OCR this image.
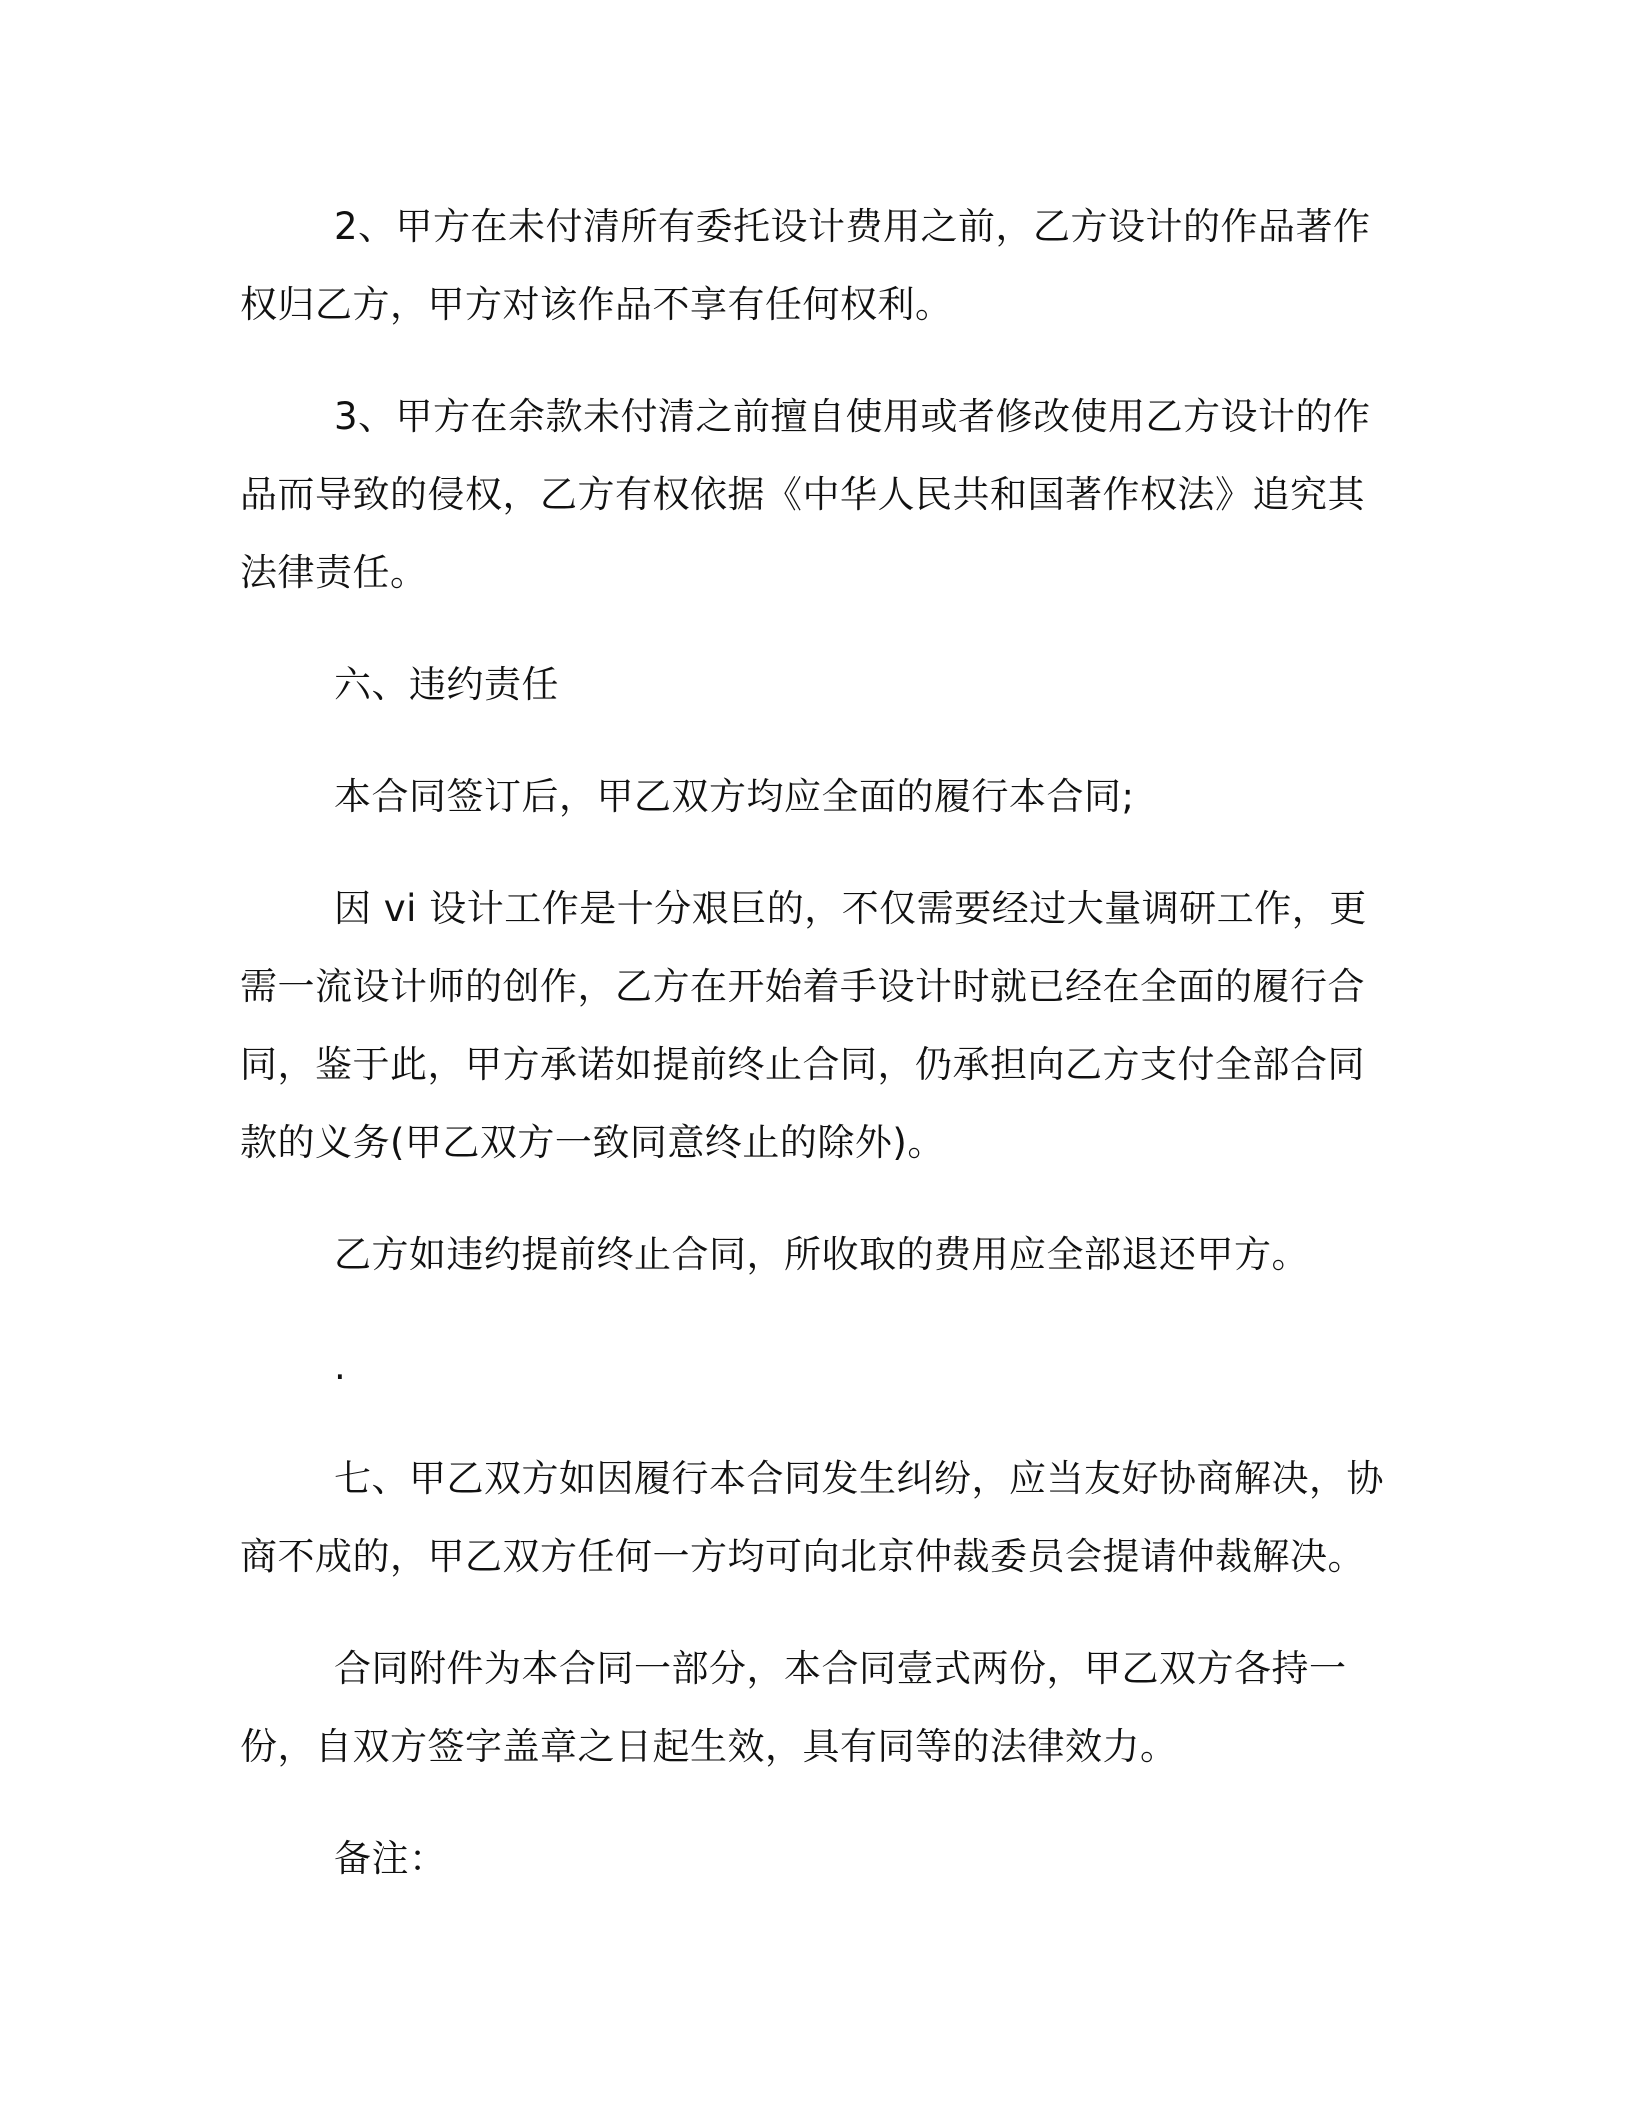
2、甲方在未付清所有委托设计费用之前，乙方设计的作品著作权归乙方，甲方对该作品不享有任何权利。

3、甲方在余款未付清之前擅自使用或者修改使用乙方设计的作品而导致的侵权，乙方有权依据《中华人民共和国著作权法》追究其法律责任。

六、违约责任

本合同签订后，甲乙双方均应全面的履行本合同;

因 vi 设计工作是十分艰巨的，不仅需要经过大量调研工作，更需一流设计师的创作，乙方在开始着手设计时就已经在全面的履行合同，鉴于此，甲方承诺如提前终止合同，仍承担向乙方支付全部合同款的义务(甲乙双方一致同意终止的除外)。

乙方如违约提前终止合同，所收取的费用应全部退还甲方。

.

七、甲乙双方如因履行本合同发生纠纷，应当友好协商解决，协商不成的，甲乙双方任何一方均可向北京仲裁委员会提请仲裁解决。

合同附件为本合同一部分，本合同壹式两份，甲乙双方各持一份，自双方签字盖章之日起生效，具有同等的法律效力。

备注：
